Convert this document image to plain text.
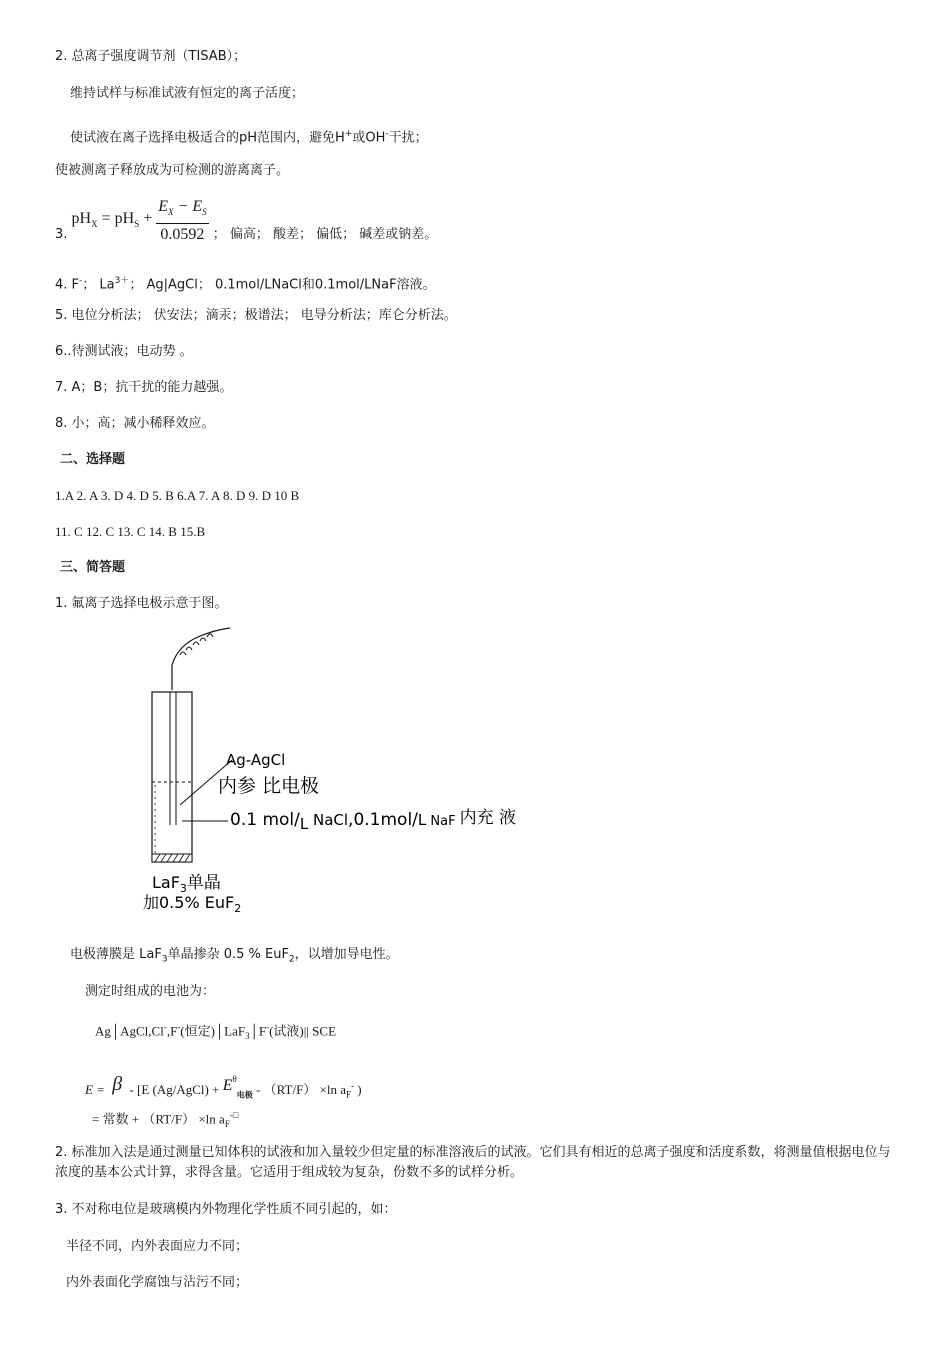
2. 总离子强度调节剂（TISAB）；
维持试样与标准试液有恒定的离子活度；
使试液在离子选择电极适合的pH范围内，避免H+或OH-干扰；
使被测离子释放成为可检测的游离离子。
3. $pH_X = pH_S + \frac{E_X - E_S}{0.0592}$ ； 偏高； 酸差； 偏低； 碱差或钠差。
4. F-； $La^{3+}$； Ag|AgCl； 0.1mol/LNaCl和0.1mol/LNaF溶液。
5. 电位分析法； 伏安法；滴汞；极谱法； 电导分析法；库仑分析法。
6..待测试液；电动势 。
7. A；B；抗干扰的能力越强。
8. 小；高；减小稀释效应。
二、选择题
1.A 2. A 3. D 4. D 5. B 6.A 7. A 8. D 9. D 10 B
11. C 12. C 13. C 14. B 15.B
三、简答题
1. 氟离子选择电极示意于图。
Ag-AgCl
内参 比电极
0.1 mol/L NaCl,0.1mol/L NaF 内充 液
LaF$_3$单晶
加0.5% EuF$_2$
电极薄膜是 LaF$_3$单晶掺杂 0.5 % EuF$_2$，以增加导电性。
测定时组成的电池为：
Ag│AgCl,Cl-,F-(恒定)│LaF$_3$│F-(试液)|| SCE
E = β - [E (Ag/AgCl) + $E^\theta_{电极} - (RT/F) \times\ln$ $a_F^-$ )
= 常数 + （RT/F） ×ln $a_F^{-□}$
2. 标准加入法是通过测量已知体积的试液和加入量较少但定量的标准溶液后的试液。它们具有相近的总离子强度和活度系数，将测量值根据电位与浓度的基本公式计算，求得含量。它适用于组成较为复杂，份数不多的试样分析。
3. 不对称电位是玻璃模内外物理化学性质不同引起的，如：
半径不同，内外表面应力不同；
内外表面化学腐蚀与沾污不同；
